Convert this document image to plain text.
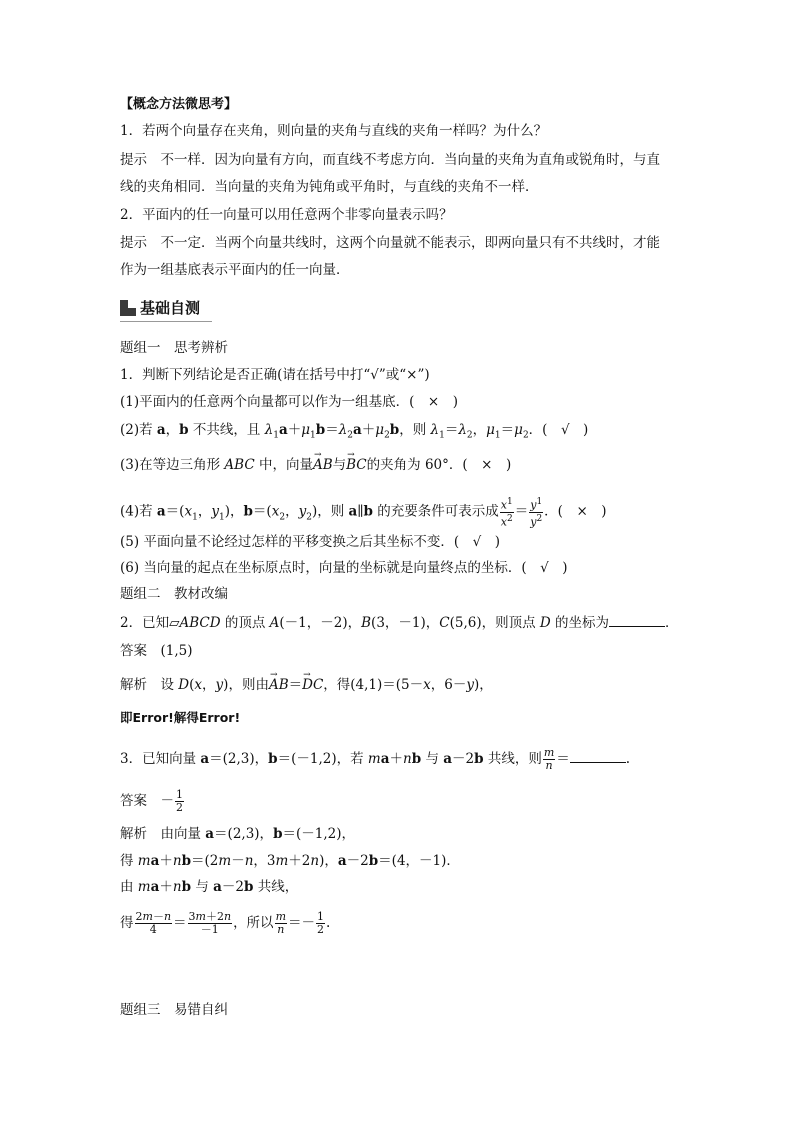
【概念方法微思考】
1．若两个向量存在夹角，则向量的夹角与直线的夹角一样吗？为什么？
提示　 不一样．因为向量有方向，而直线不考虑方向．当向量的夹角为直角或锐角时，与直
线的夹角相同．当向量的夹角为钝角或平角时，与直线的夹角不一样．
2．平面内的任一向量可以用任意两个非零向量表示吗？
提示　 不一定．当两个向量共线时，这两个向量就不能表示，即两向量只有不共线时，才能
作为一组基底表示平面内的任一向量．
基础自测
题组一　思考辨析
1．判断下列结论是否正确(请在括号中打“√”或“×”)
(1)平面内的任意两个向量都可以作为一组基底．(　×　)
(2)若 a，b 不共线，且 $\lambda_1a+\mu_1b=\lambda_2a+\mu_2b$，则 $\lambda_1=\lambda_2$，$\mu_1=\mu_2$．(　√　)
(3)在等边三角形 ABC 中，向量→ AB与→ BC的夹角为 60°．(　×　)
(4)若 $a=(x_1$，$y_1$)，$b=(x_2$，$y_2$)，则 a∥b 的充要条件可表示成 $\frac{x^1}{x^2} = \frac{y^1}{y^2}$ ．(　×　)
(5) 平面向量不论经过怎样的平移变换之后其坐标不变．(　√　)
(6) 当向量的起点在坐标原点时，向量的坐标就是向量终点的坐标．(　√　)
题组二　教材改编
2．已知▱ABCD 的顶点 A(－1，－2)，B(3，－1)，C(5,6)，则顶点 D 的坐标为	．
答案　 (1,5)
解析　 设 D(x，y)，则由→ AB＝→ DC，得(4,1)＝(5－x，6－y)，
即Error!解得Error!
3．已知向量 a＝(2,3)，b＝(－1,2)，若 ma＋nb 与 a－2b 共线，则 $\frac{m}{n}$ ＝	.
答案　 － $\frac{1}{2}$
解析　 由向量 a＝(2,3)，b＝(－1,2)，
得 ma＋nb＝(2m－n，3m＋2n)，a－2b＝(4，－1)．
由 ma＋nb 与 a－2b 共线，
得 $\frac{2m-n}{4} = \frac{3m+2n}{-1}$ ，所以 $\frac{m}{n} =- \frac{1}{2}$ .
题组三　易错自纠
